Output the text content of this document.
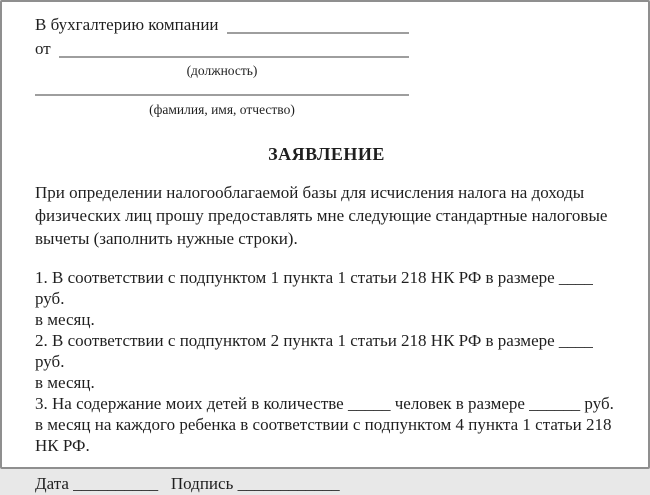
В бухгалтерию компании
от
(должность)
(фамилия, имя, отчество)
ЗАЯВЛЕНИЕ
При определении налогооблагаемой базы для исчисления налога на доходы
физических лиц прошу предоставлять мне следующие стандартные налоговые
вычеты (заполнить нужные строки).
1. В соответствии с подпунктом 1 пункта 1 статьи 218 НК РФ в размере ____ руб.
в месяц.
2. В соответствии с подпунктом 2 пункта 1 статьи 218 НК РФ в размере ____ руб.
в месяц.
3. На содержание моих детей в количестве _____ человек в размере ______ руб.
в месяц на каждого ребенка в соответствии с подпунктом 4 пункта 1 статьи 218
НК РФ.
Дата __________ Подпись ____________
